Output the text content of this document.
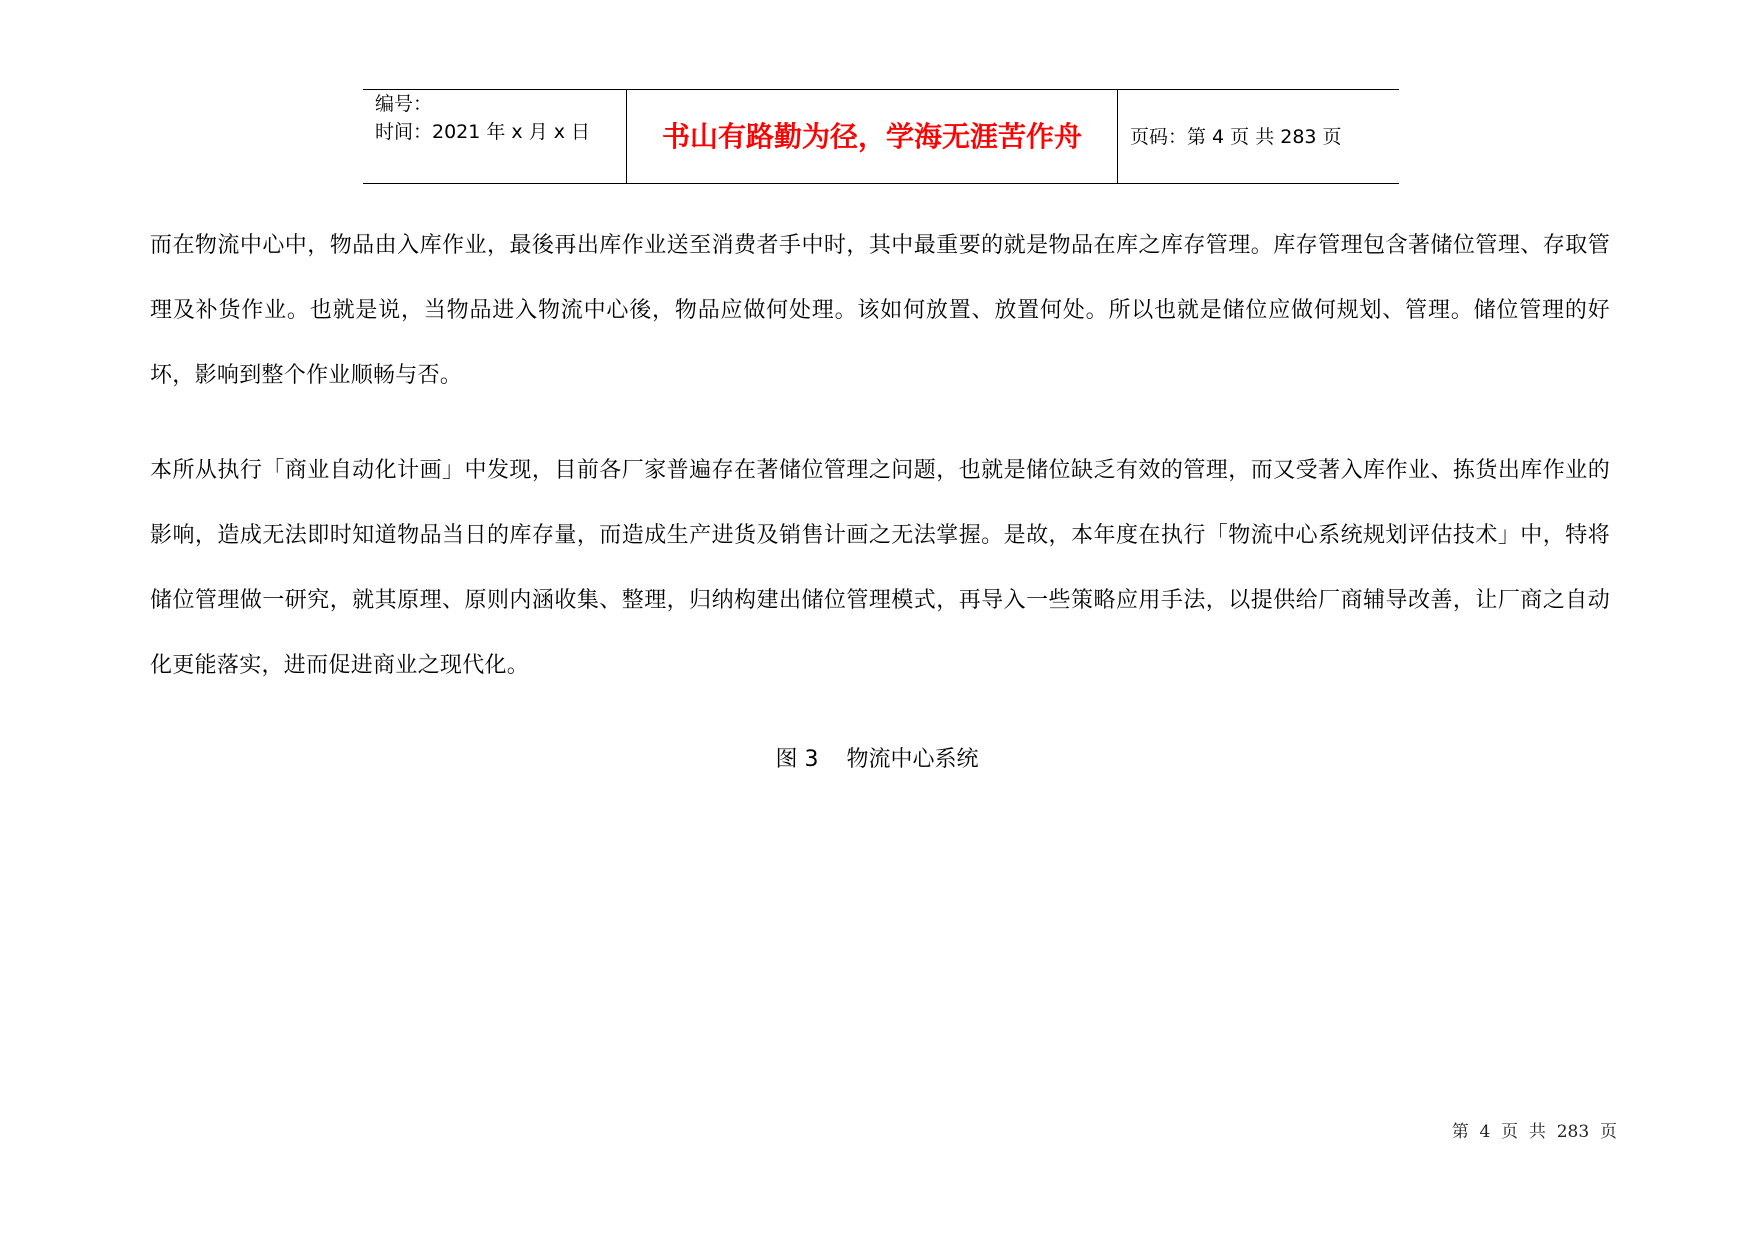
编号：
时间：2021 年 x 月 x 日	书山有路勤为径，学海无涯苦作舟	页码：第 4 页 共 283 页
而在物流中心中，物品由入库作业，最後再出库作业送至消费者手中时，其中最重要的就是物品在库之库存管理。库存管理包含著储位管理、存取管理及补货作业。也就是说，当物品进入物流中心後，物品应做何处理。该如何放置、放置何处。所以也就是储位应做何规划、管理。储位管理的好坏，影响到整个作业顺畅与否。
本所从执行「商业自动化计画」中发现，目前各厂家普遍存在著储位管理之问题，也就是储位缺乏有效的管理，而又受著入库作业、拣货出库作业的影响，造成无法即时知道物品当日的库存量，而造成生产进货及销售计画之无法掌握。是故，本年度在执行「物流中心系统规划评估技术」中，特将储位管理做一研究，就其原理、原则内涵收集、整理，归纳构建出储位管理模式，再导入一些策略应用手法，以提供给厂商辅导改善，让厂商之自动化更能落实，进而促进商业之现代化。
图 3    物流中心系统
第  4  页  共  283  页
